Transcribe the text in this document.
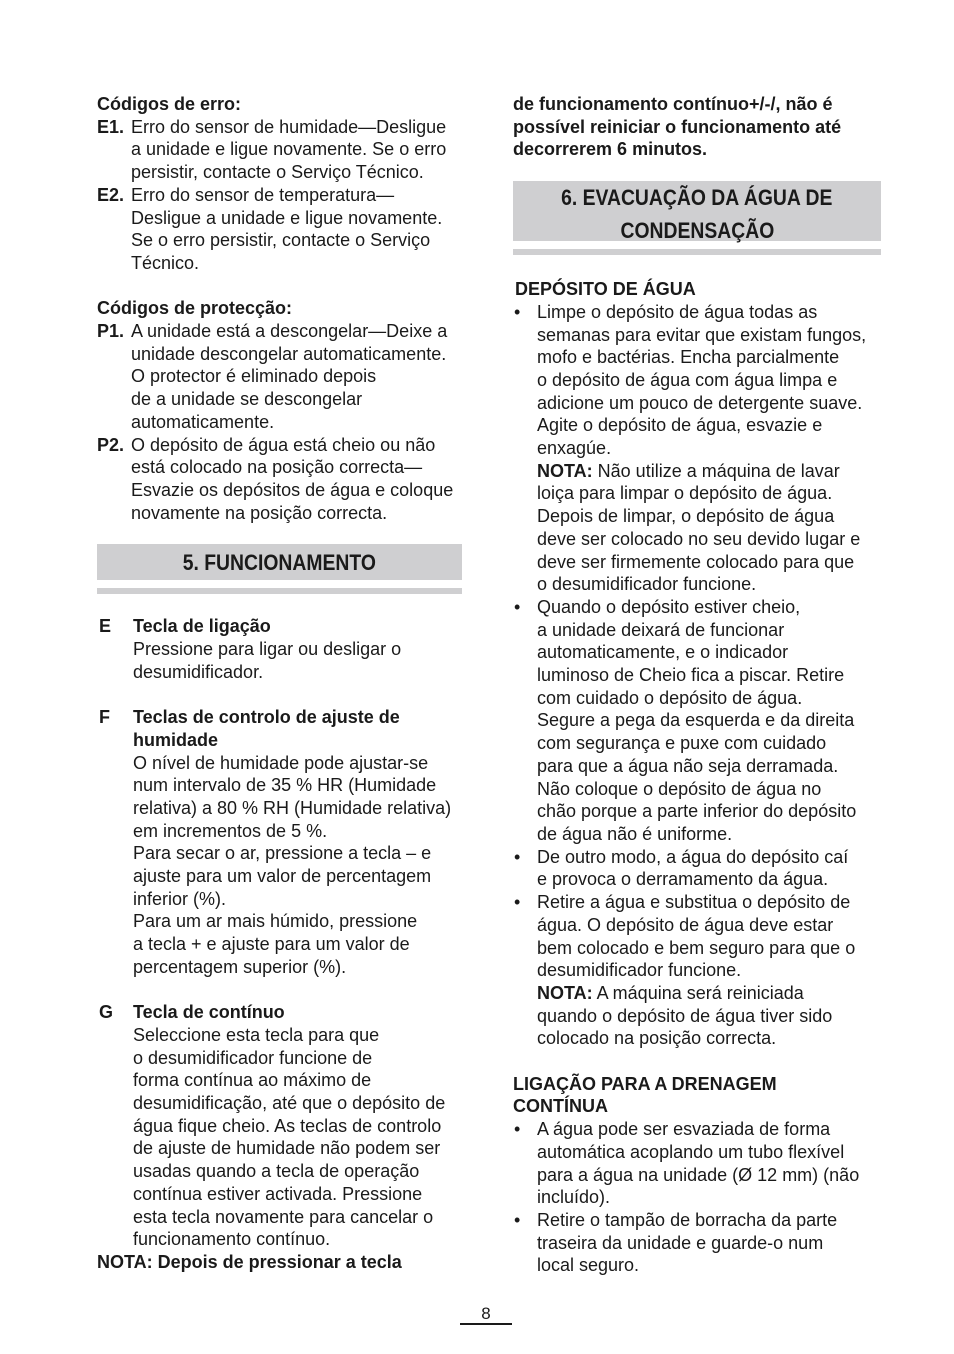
Códigos de erro:
E1. Erro do sensor de humidade—Desligue
a unidade e ligue novamente. Se o erro
persistir, contacte o Serviço Técnico.
E2. Erro do sensor de temperatura—
Desligue a unidade e ligue novamente.
Se o erro persistir, contacte o Serviço
Técnico.
Códigos de protecção:
P1. A unidade está a descongelar—Deixe a
unidade descongelar automaticamente.
O protector é eliminado depois
de a unidade se descongelar
automaticamente.
P2. O depósito de água está cheio ou não
está colocado na posição correcta—
Esvazie os depósitos de água e coloque
novamente na posição correcta.
5. FUNCIONAMENTO
E	Tecla de ligação
Pressione para ligar ou desligar o
desumidificador.
F	Teclas de controlo de ajuste de
humidade
O nível de humidade pode ajustar-se
num intervalo de 35 % HR (Humidade
relativa) a 80 % RH (Humidade relativa)
em incrementos de 5 %.
Para secar o ar, pressione a tecla – e
ajuste para um valor de percentagem
inferior (%).
Para um ar mais húmido, pressione
a tecla + e ajuste para um valor de
percentagem superior (%).
G	Tecla de contínuo
Seleccione esta tecla para que
o desumidificador funcione de
forma contínua ao máximo de
desumidificação, até que o depósito de
água fique cheio. As teclas de controlo
de ajuste de humidade não podem ser
usadas quando a tecla de operação
contínua estiver activada. Pressione
esta tecla novamente para cancelar o
funcionamento contínuo.
NOTA: Depois de pressionar a tecla
de funcionamento contínuo+/-/, não é
possível reiniciar o funcionamento até
decorrerem 6 minutos.
6. EVACUAÇÃO DA ÁGUA DE
CONDENSAÇÃO
DEPÓSITO DE ÁGUA
• Limpe o depósito de água todas as
semanas para evitar que existam fungos,
mofo e bactérias. Encha parcialmente
o depósito de água com água limpa e
adicione um pouco de detergente suave.
Agite o depósito de água, esvazie e
enxagúe.
NOTA: Não utilize a máquina de lavar
loiça para limpar o depósito de água.
Depois de limpar, o depósito de água
deve ser colocado no seu devido lugar e
deve ser firmemente colocado para que
o desumidificador funcione.
• Quando o depósito estiver cheio,
a unidade deixará de funcionar
automaticamente, e o indicador
luminoso de Cheio fica a piscar. Retire
com cuidado o depósito de água.
Segure a pega da esquerda e da direita
com segurança e puxe com cuidado
para que a água não seja derramada.
Não coloque o depósito de água no
chão porque a parte inferior do depósito
de água não é uniforme.
• De outro modo, a água do depósito caí
e provoca o derramamento da água.
• Retire a água e substitua o depósito de
água. O depósito de água deve estar
bem colocado e bem seguro para que o
desumidificador funcione.
NOTA: A máquina será reiniciada
quando o depósito de água tiver sido
colocado na posição correcta.
LIGAÇÃO PARA A DRENAGEM
CONTÍNUA
• A água pode ser esvaziada de forma
automática acoplando um tubo flexível
para a água na unidade (Ø 12 mm) (não
incluído).
• Retire o tampão de borracha da parte
traseira da unidade e guarde-o num
local seguro.
8
